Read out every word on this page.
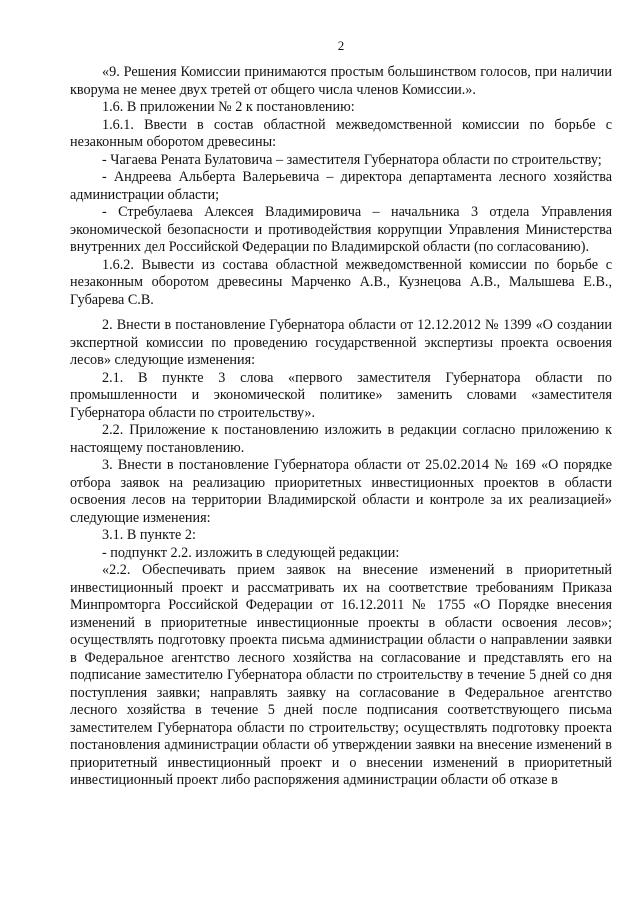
2

«9. Решения Комиссии принимаются простым большинством голосов, при наличии кворума не менее двух третей от общего числа членов Комиссии.».

1.6. В приложении № 2 к постановлению:

1.6.1. Ввести в состав областной межведомственной комиссии по борьбе с незаконным оборотом древесины:

- Чагаева Рената Булатовича – заместителя Губернатора области по строительству;

- Андреева Альберта Валерьевича – директора департамента лесного хозяйства администрации области;

- Стребулаева Алексея Владимировича – начальника 3 отдела Управления экономической безопасности и противодействия коррупции Управления Министерства внутренних дел Российской Федерации по Владимирской области (по согласованию).

1.6.2. Вывести из состава областной межведомственной комиссии по борьбе с незаконным оборотом древесины Марченко А.В., Кузнецова А.В., Малышева Е.В., Губарева С.В.

2. Внести в постановление Губернатора области от 12.12.2012 № 1399 «О создании экспертной комиссии по проведению государственной экспертизы проекта освоения лесов» следующие изменения:

2.1. В пункте 3 слова «первого заместителя Губернатора области по промышленности и экономической политике» заменить словами «заместителя Губернатора области по строительству».

2.2. Приложение к постановлению изложить в редакции согласно приложению к настоящему постановлению.

3. Внести в постановление Губернатора области от 25.02.2014 № 169 «О порядке отбора заявок на реализацию приоритетных инвестиционных проектов в области освоения лесов на территории Владимирской области и контроле за их реализацией» следующие изменения:

3.1. В пункте 2:

- подпункт 2.2. изложить в следующей редакции:

«2.2. Обеспечивать прием заявок на внесение изменений в приоритетный инвестиционный проект и рассматривать их на соответствие требованиям Приказа Минпромторга Российской Федерации от 16.12.2011 № 1755 «О Порядке внесения изменений в приоритетные инвестиционные проекты в области освоения лесов»; осуществлять подготовку проекта письма администрации области о направлении заявки в Федеральное агентство лесного хозяйства на согласование и представлять его на подписание заместителю Губернатора области по строительству в течение 5 дней со дня поступления заявки; направлять заявку на согласование в Федеральное агентство лесного хозяйства в течение 5 дней после подписания соответствующего письма заместителем Губернатора области по строительству; осуществлять подготовку проекта постановления администрации области об утверждении заявки на внесение изменений в приоритетный инвестиционный проект и о внесении изменений в приоритетный инвестиционный проект либо распоряжения администрации области об отказе в
